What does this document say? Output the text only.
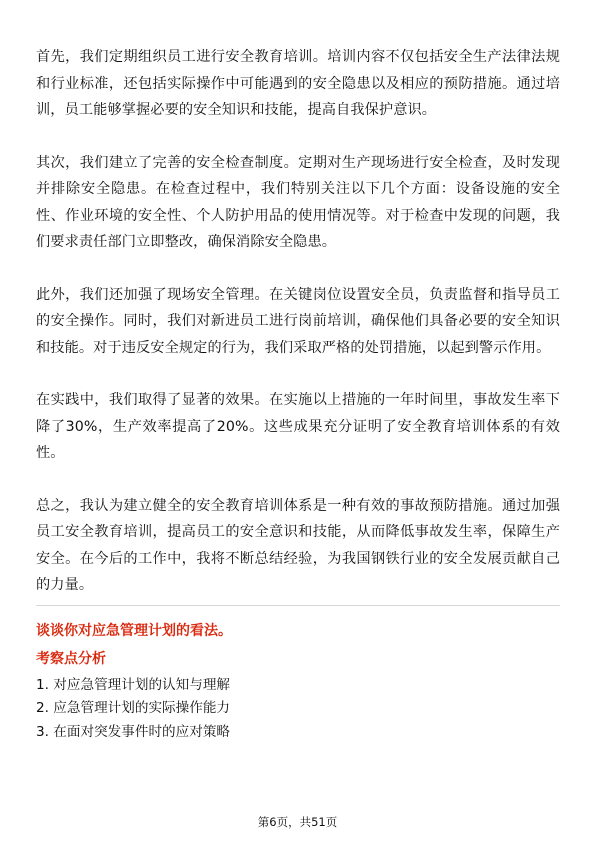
首先，我们定期组织员工进行安全教育培训。培训内容不仅包括安全生产法律法规和行业标准，还包括实际操作中可能遇到的安全隐患以及相应的预防措施。通过培训，员工能够掌握必要的安全知识和技能，提高自我保护意识。

其次，我们建立了完善的安全检查制度。定期对生产现场进行安全检查，及时发现并排除安全隐患。在检查过程中，我们特别关注以下几个方面：设备设施的安全性、作业环境的安全性、个人防护用品的使用情况等。对于检查中发现的问题，我们要求责任部门立即整改，确保消除安全隐患。

此外，我们还加强了现场安全管理。在关键岗位设置安全员，负责监督和指导员工的安全操作。同时，我们对新进员工进行岗前培训，确保他们具备必要的安全知识和技能。对于违反安全规定的行为，我们采取严格的处罚措施，以起到警示作用。

在实践中，我们取得了显著的效果。在实施以上措施的一年时间里，事故发生率下降了30%，生产效率提高了20%。这些成果充分证明了安全教育培训体系的有效性。

总之，我认为建立健全的安全教育培训体系是一种有效的事故预防措施。通过加强员工安全教育培训，提高员工的安全意识和技能，从而降低事故发生率，保障生产安全。在今后的工作中，我将不断总结经验，为我国钢铁行业的安全发展贡献自己的力量。

谈谈你对应急管理计划的看法。
考察点分析

1. 对应急管理计划的认知与理解

2. 应急管理计划的实际操作能力

3. 在面对突发事件时的应对策略

第6页，共51页
